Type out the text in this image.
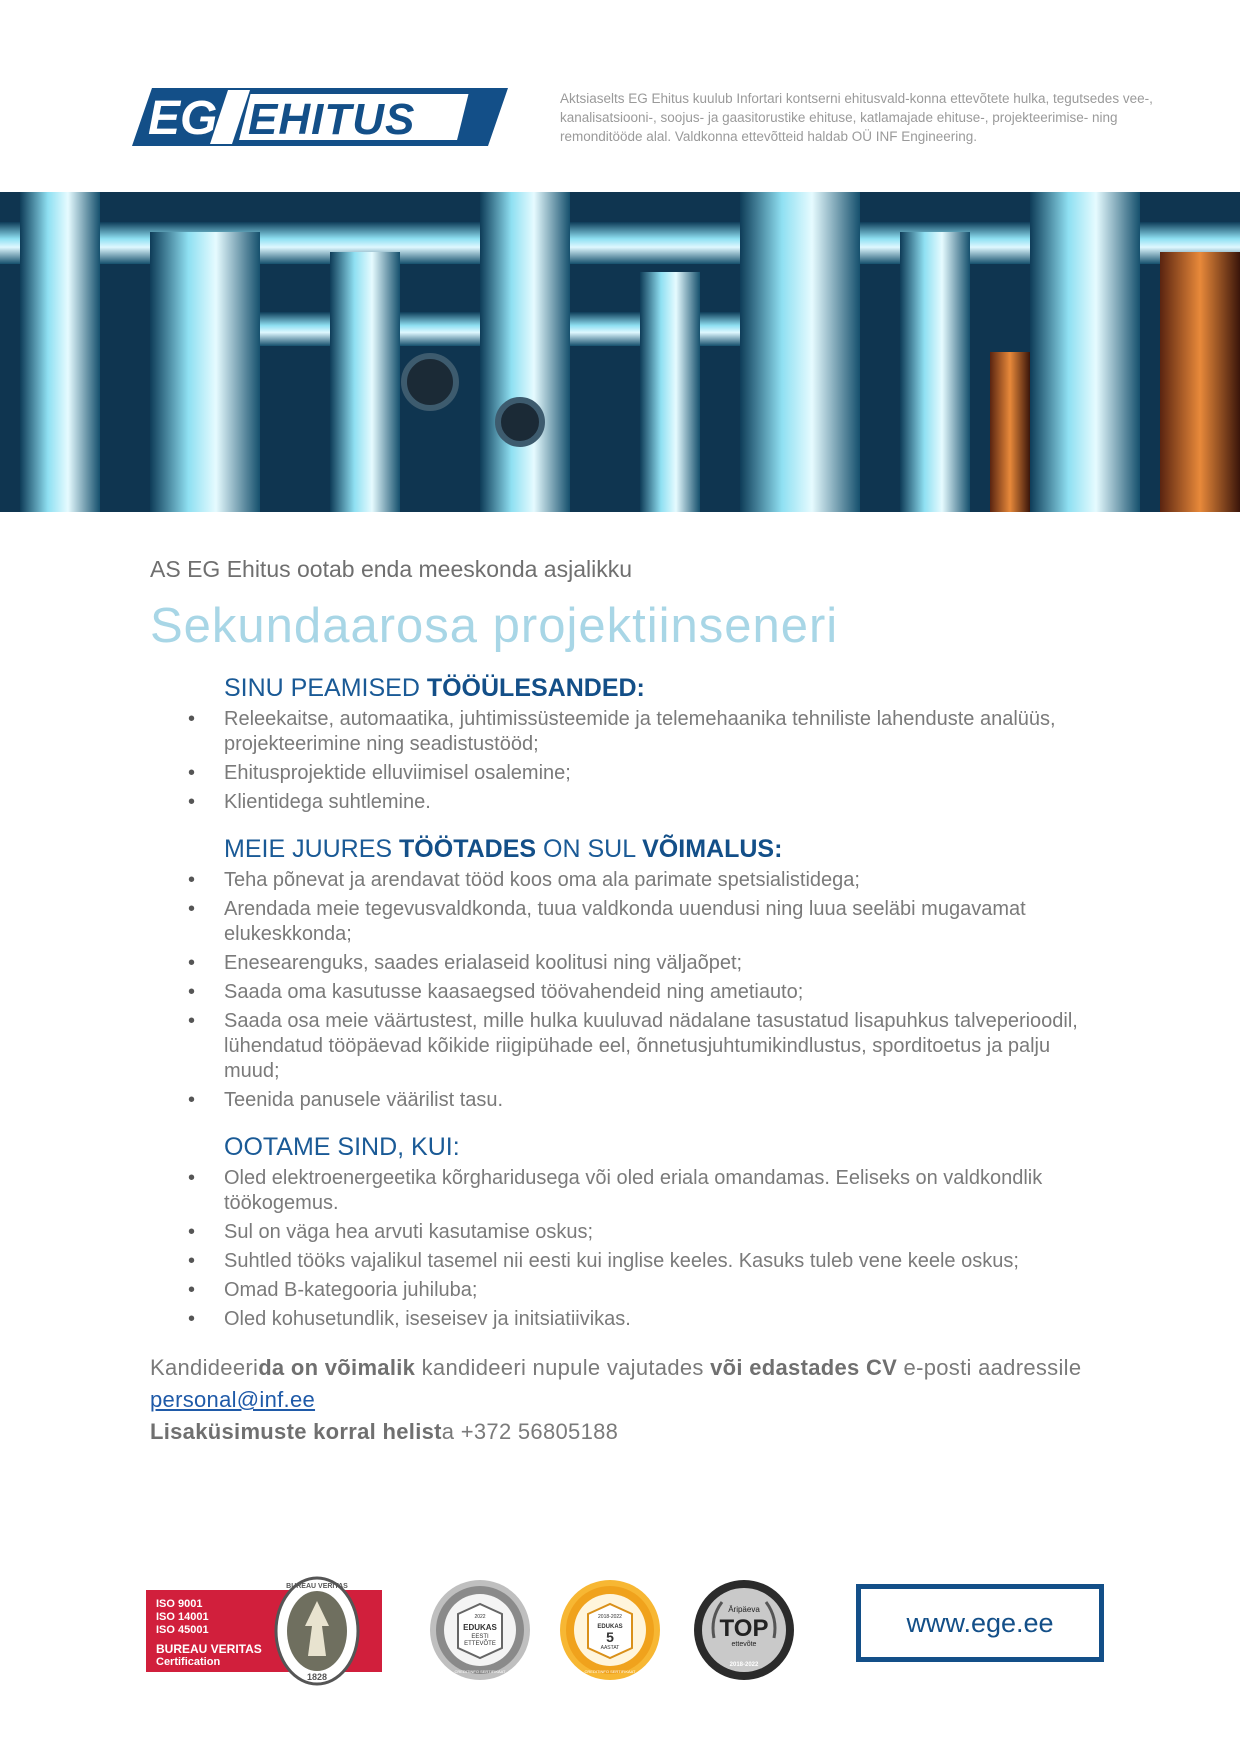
EG EHITUS	Aktsiaselts EG Ehitus kuulub Infortari kontserni ehitusvald-konna ettevõtete hulka, tegutsedes vee-, kanalisatsiooni-, soojus- ja gaasitorustike ehituse, katlamajade ehituse-, projekteerimise- ning remonditööde alal. Valdkonna ettevõtteid haldab OÜ INF Engineering.

AS EG Ehitus ootab enda meeskonda asjalikku

Sekundaarosa projektiinseneri
SINU PEAMISED TÖÖÜLESANDED:
• Releekaitse, automaatika, juhtimissüsteemide ja telemehaanika tehniliste lahenduste analüüs, projekteerimine ning seadistustööd;
• Ehitusprojektide elluviimisel osalemine;
• Klientidega suhtlemine.
MEIE JUURES TÖÖTADES ON SUL VÕIMALUS:
• Teha põnevat ja arendavat tööd koos oma ala parimate spetsialistidega;
• Arendada meie tegevusvaldkonda, tuua valdkonda uuendusi ning luua seeläbi mugavamat elukeskkonda;
• Enesearenguks, saades erialaseid koolitusi ning väljaõpet;
• Saada oma kasutusse kaasaegsed töövahendeid ning ametiauto;
• Saada osa meie väärtustest, mille hulka kuuluvad nädalane tasustatud lisapuhkus talveperioodil, lühendatud tööpäevad kõikide riigipühade eel, õnnetusjuhtumikindlustus, sporditoetus ja palju muud;
• Teenida panusele väärilist tasu.
OOTAME SIND, KUI:
• Oled elektroenergeetika kõrgharidusega või oled eriala omandamas. Eeliseks on valdkondlik töökogemus.
• Sul on väga hea arvuti kasutamise oskus;
• Suhtled tööks vajalikul tasemel nii eesti kui inglise keeles. Kasuks tuleb vene keele oskus;
• Omad B-kategooria juhiluba;
• Oled kohusetundlik, iseseisev ja initsiatiivikas.
Kandideerida on võimalik kandideeri nupule vajutades või edastades CV e-posti aadressile personal@inf.ee
Lisaküsimuste korral helista +372 56805188
ISO 9001
ISO 14001
ISO 45001
BUREAU VERITAS
Certification
BUREAU VERITAS
1828
2022
EDUKAS
EESTI
ETTEVÕTE
CREDITINFO SERTIFIKAAT
2018-2022
EDUKAS
5
AASTAT
CREDITINFO SERTIFIKAAT
Äripäeva
TOP
ettevõte
2018-2022
www.ege.ee
